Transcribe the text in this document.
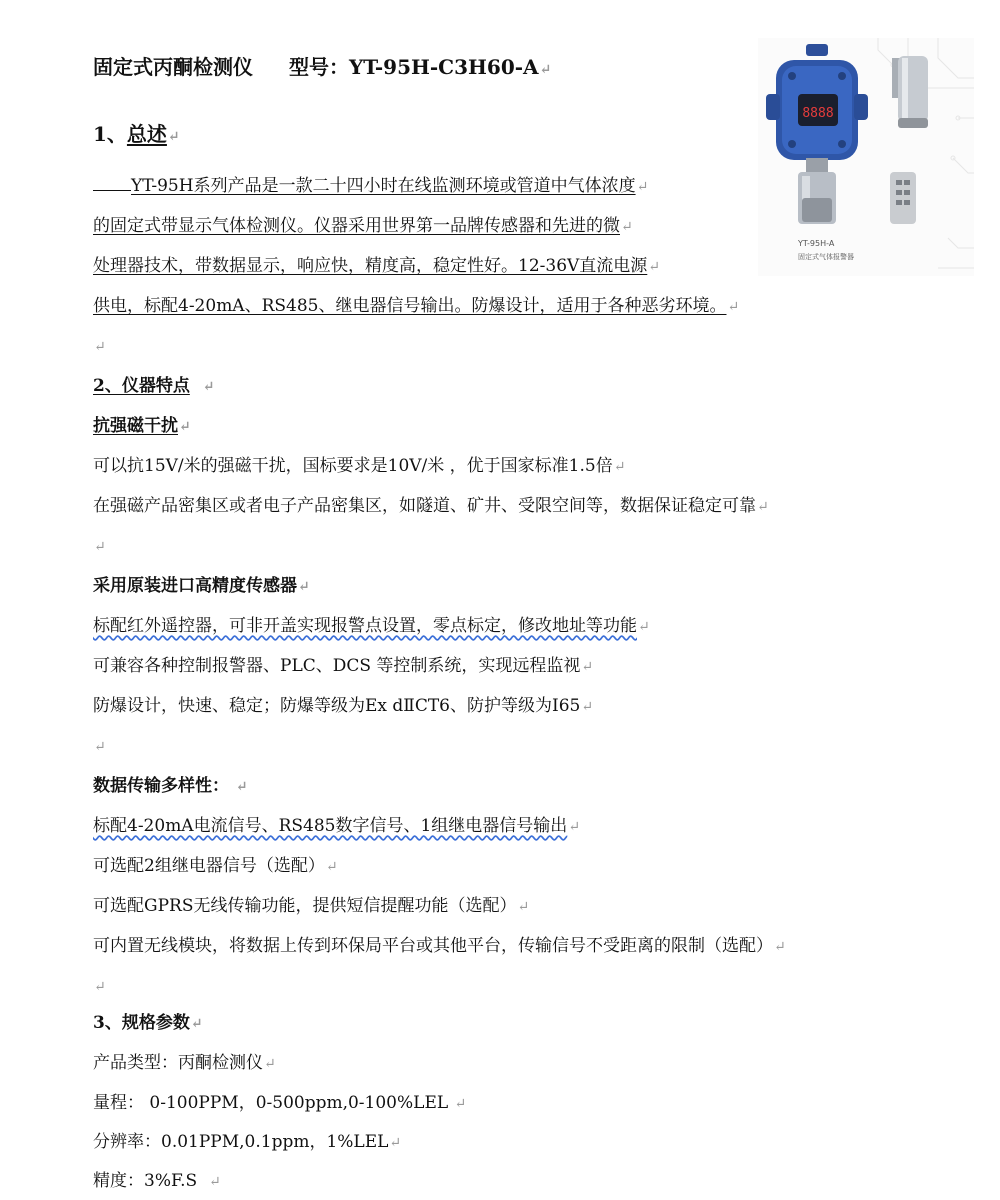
固定式丙酮检测仪 型号：YT-95H-C3H60-A↵
1、总述↵
YT-95H系列产品是一款二十四小时在线监测环境或管道中气体浓度↵
的固定式带显示气体检测仪。仪器采用世界第一品牌传感器和先进的微↵
处理器技术，带数据显示，响应快，精度高，稳定性好。12-36V直流电源↵
供电，标配4-20mA、RS485、继电器信号输出。防爆设计，适用于各种恶劣环境。↵
↵
2、仪器特点 ↵
抗强磁干扰↵
可以抗15V/米的强磁干扰，国标要求是10V/米 ，优于国家标准1.5倍↵
在强磁产品密集区或者电子产品密集区，如隧道、矿井、受限空间等，数据保证稳定可靠↵
↵
采用原装进口高精度传感器↵
标配红外遥控器，可非开盖实现报警点设置，零点标定，修改地址等功能↵
可兼容各种控制报警器、PLC、DCS 等控制系统，实现远程监视↵
防爆设计，快速、稳定；防爆等级为Ex dⅡCT6、防护等级为I65↵
↵
数据传输多样性： ↵
标配4-20mA电流信号、RS485数字信号、1组继电器信号输出↵
可选配2组继电器信号（选配）↵
可选配GPRS无线传输功能，提供短信提醒功能（选配）↵
可内置无线模块，将数据上传到环保局平台或其他平台，传输信号不受距离的限制（选配）↵
↵
3、规格参数↵
产品类型：丙酮检测仪↵
量程： 0-100PPM，0-500ppm,0-100%LEL ↵
分辨率：0.01PPM,0.1ppm，1%LEL↵
精度：3%F.S ↵
8888
YT-95H-A
固定式气体报警器
